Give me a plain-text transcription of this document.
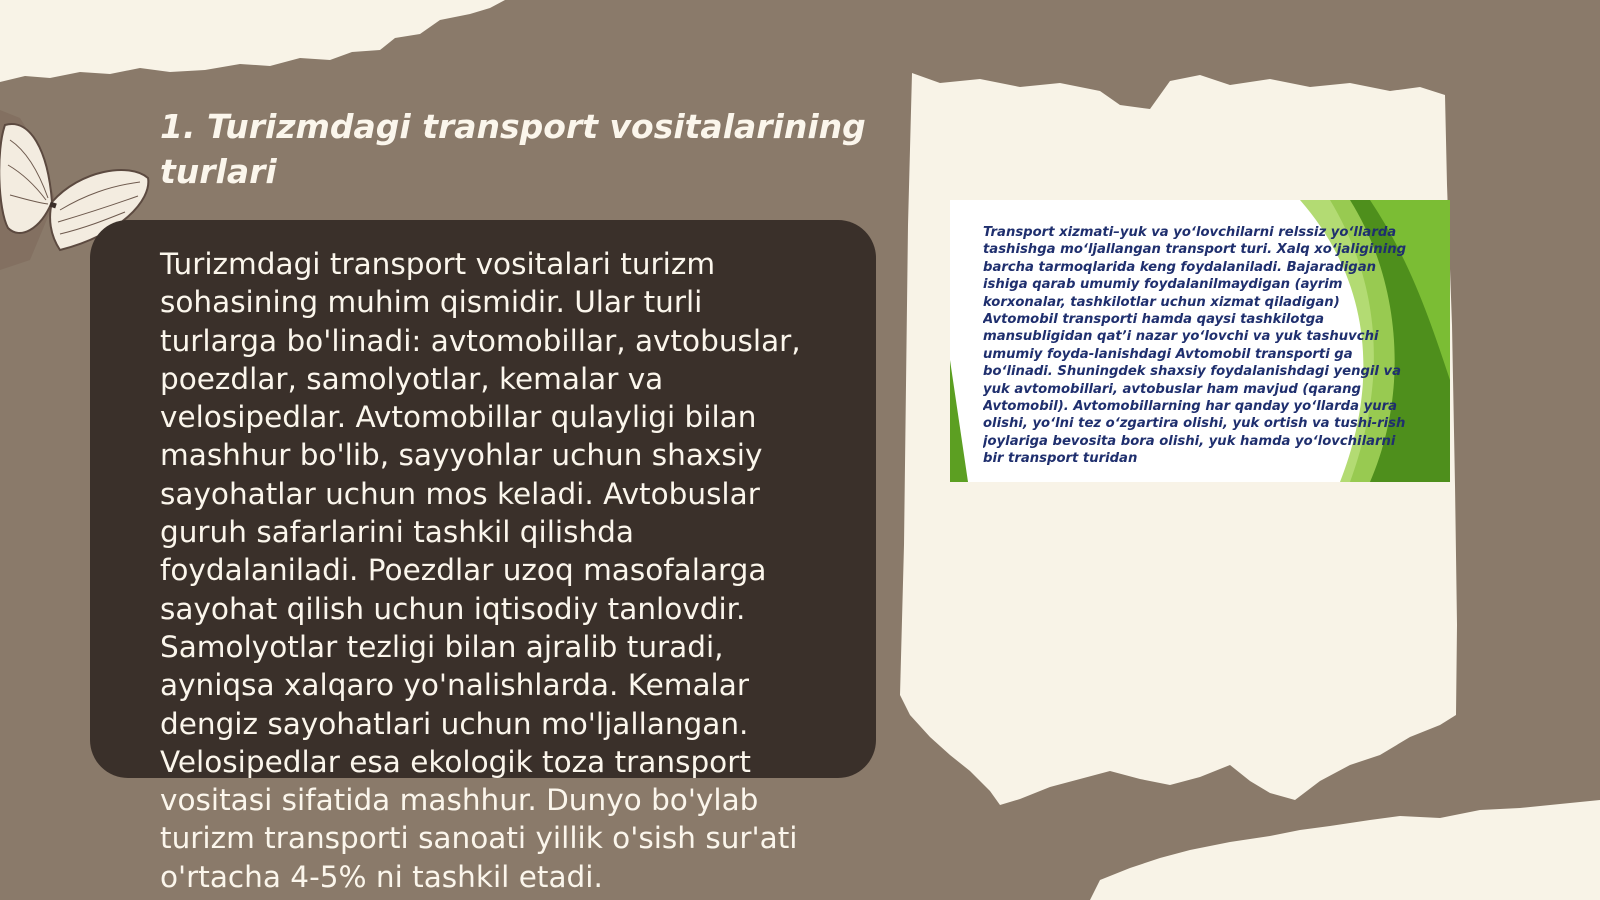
1. Turizmdagi transport vositalarining turlari

Turizmdagi transport vositalari turizm sohasining muhim qismidir. Ular turli turlarga bo'linadi: avtomobillar, avtobuslar, poezdlar, samolyotlar, kemalar va velosipedlar. Avtomobillar qulayligi bilan mashhur bo'lib, sayyohlar uchun shaxsiy sayohatlar uchun mos keladi. Avtobuslar guruh safarlarini tashkil qilishda foydalaniladi. Poezdlar uzoq masofalarga sayohat qilish uchun iqtisodiy tanlovdir. Samolyotlar tezligi bilan ajralib turadi, ayniqsa xalqaro yo'nalishlarda. Kemalar dengiz sayohatlari uchun mo'ljallangan. Velosipedlar esa ekologik toza transport vositasi sifatida mashhur. Dunyo bo'ylab turizm transporti sanoati yillik o'sish sur'ati o'rtacha 4-5% ni tashkil etadi.

Transport xizmati–yuk va yoʻlovchilarni relssiz yoʻllarda tashishga moʻljallangan transport turi. Xalq xoʻjaligining barcha tarmoqlarida keng foydalaniladi. Bajaradigan ishiga qarab umumiy foydalanilmaydigan (ayrim korxonalar, tashkilotlar uchun xizmat qiladigan) Avtomobil transporti hamda qaysi tashkilotga mansubligidan qatʼi nazar yoʻlovchi va yuk tashuvchi umumiy foyda-lanishdagi Avtomobil transporti ga boʻlinadi. Shuningdek shaxsiy foydalanishdagi yengil va yuk avtomobillari, avtobuslar ham mavjud (qarang Avtomobil). Avtomobillarning har qanday yoʻllarda yura olishi, yoʻlni tez oʻzgartira olishi, yuk ortish va tushi-rish joylariga bevosita bora olishi, yuk hamda yoʻlovchilarni bir transport turidan
